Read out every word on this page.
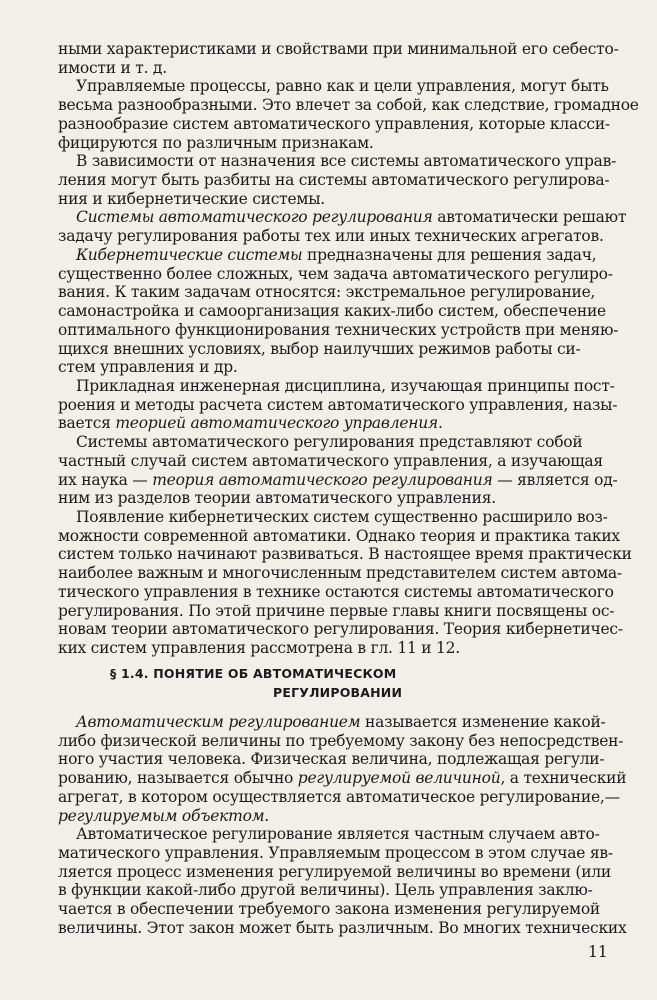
ными характеристиками и свойствами при минимальной его себесто-
имости и т. д.
Управляемые процессы, равно как и цели управления, могут быть
весьма разнообразными. Это влечет за собой, как следствие, громадное
разнообразие систем автоматического управления, которые класси-
фицируются по различным признакам.
В зависимости от назначения все системы автоматического управ-
ления могут быть разбиты на системы автоматического регулирова-
ния и кибернетические системы.
Системы автоматического регулирования автоматически решают
задачу регулирования работы тех или иных технических агрегатов.
Кибернетические системы предназначены для решения задач,
существенно более сложных, чем задача автоматического регулиро-
вания. К таким задачам относятся: экстремальное регулирование,
самонастройка и самоорганизация каких-либо систем, обеспечение
оптимального функционирования технических устройств при меняю-
щихся внешних условиях, выбор наилучших режимов работы си-
стем управления и др.
Прикладная инженерная дисциплина, изучающая принципы пост-
роения и методы расчета систем автоматического управления, назы-
вается теорией автоматического управления.
Системы автоматического регулирования представляют собой
частный случай систем автоматического управления, а изучающая
их наука — теория автоматического регулирования — является од-
ним из разделов теории автоматического управления.
Появление кибернетических систем существенно расширило воз-
можности современной автоматики. Однако теория и практика таких
систем только начинают развиваться. В настоящее время практически
наиболее важным и многочисленным представителем систем автома-
тического управления в технике остаются системы автоматического
регулирования. По этой причине первые главы книги посвящены ос-
новам теории автоматического регулирования. Теория кибернетичес-
ких систем управления рассмотрена в гл. 11 и 12.
§ 1.4. ПОНЯТИЕ ОБ АВТОМАТИЧЕСКОМ
РЕГУЛИРОВАНИИ
Автоматическим регулированием называется изменение какой-
либо физической величины по требуемому закону без непосредствен-
ного участия человека. Физическая величина, подлежащая регули-
рованию, называется обычно регулируемой величиной, а технический
агрегат, в котором осуществляется автоматическое регулирование,—
регулируемым объектом.
Автоматическое регулирование является частным случаем авто-
матического управления. Управляемым процессом в этом случае яв-
ляется процесс изменения регулируемой величины во времени (или
в функции какой-либо другой величины). Цель управления заклю-
чается в обеспечении требуемого закона изменения регулируемой
величины. Этот закон может быть различным. Во многих технических
11
